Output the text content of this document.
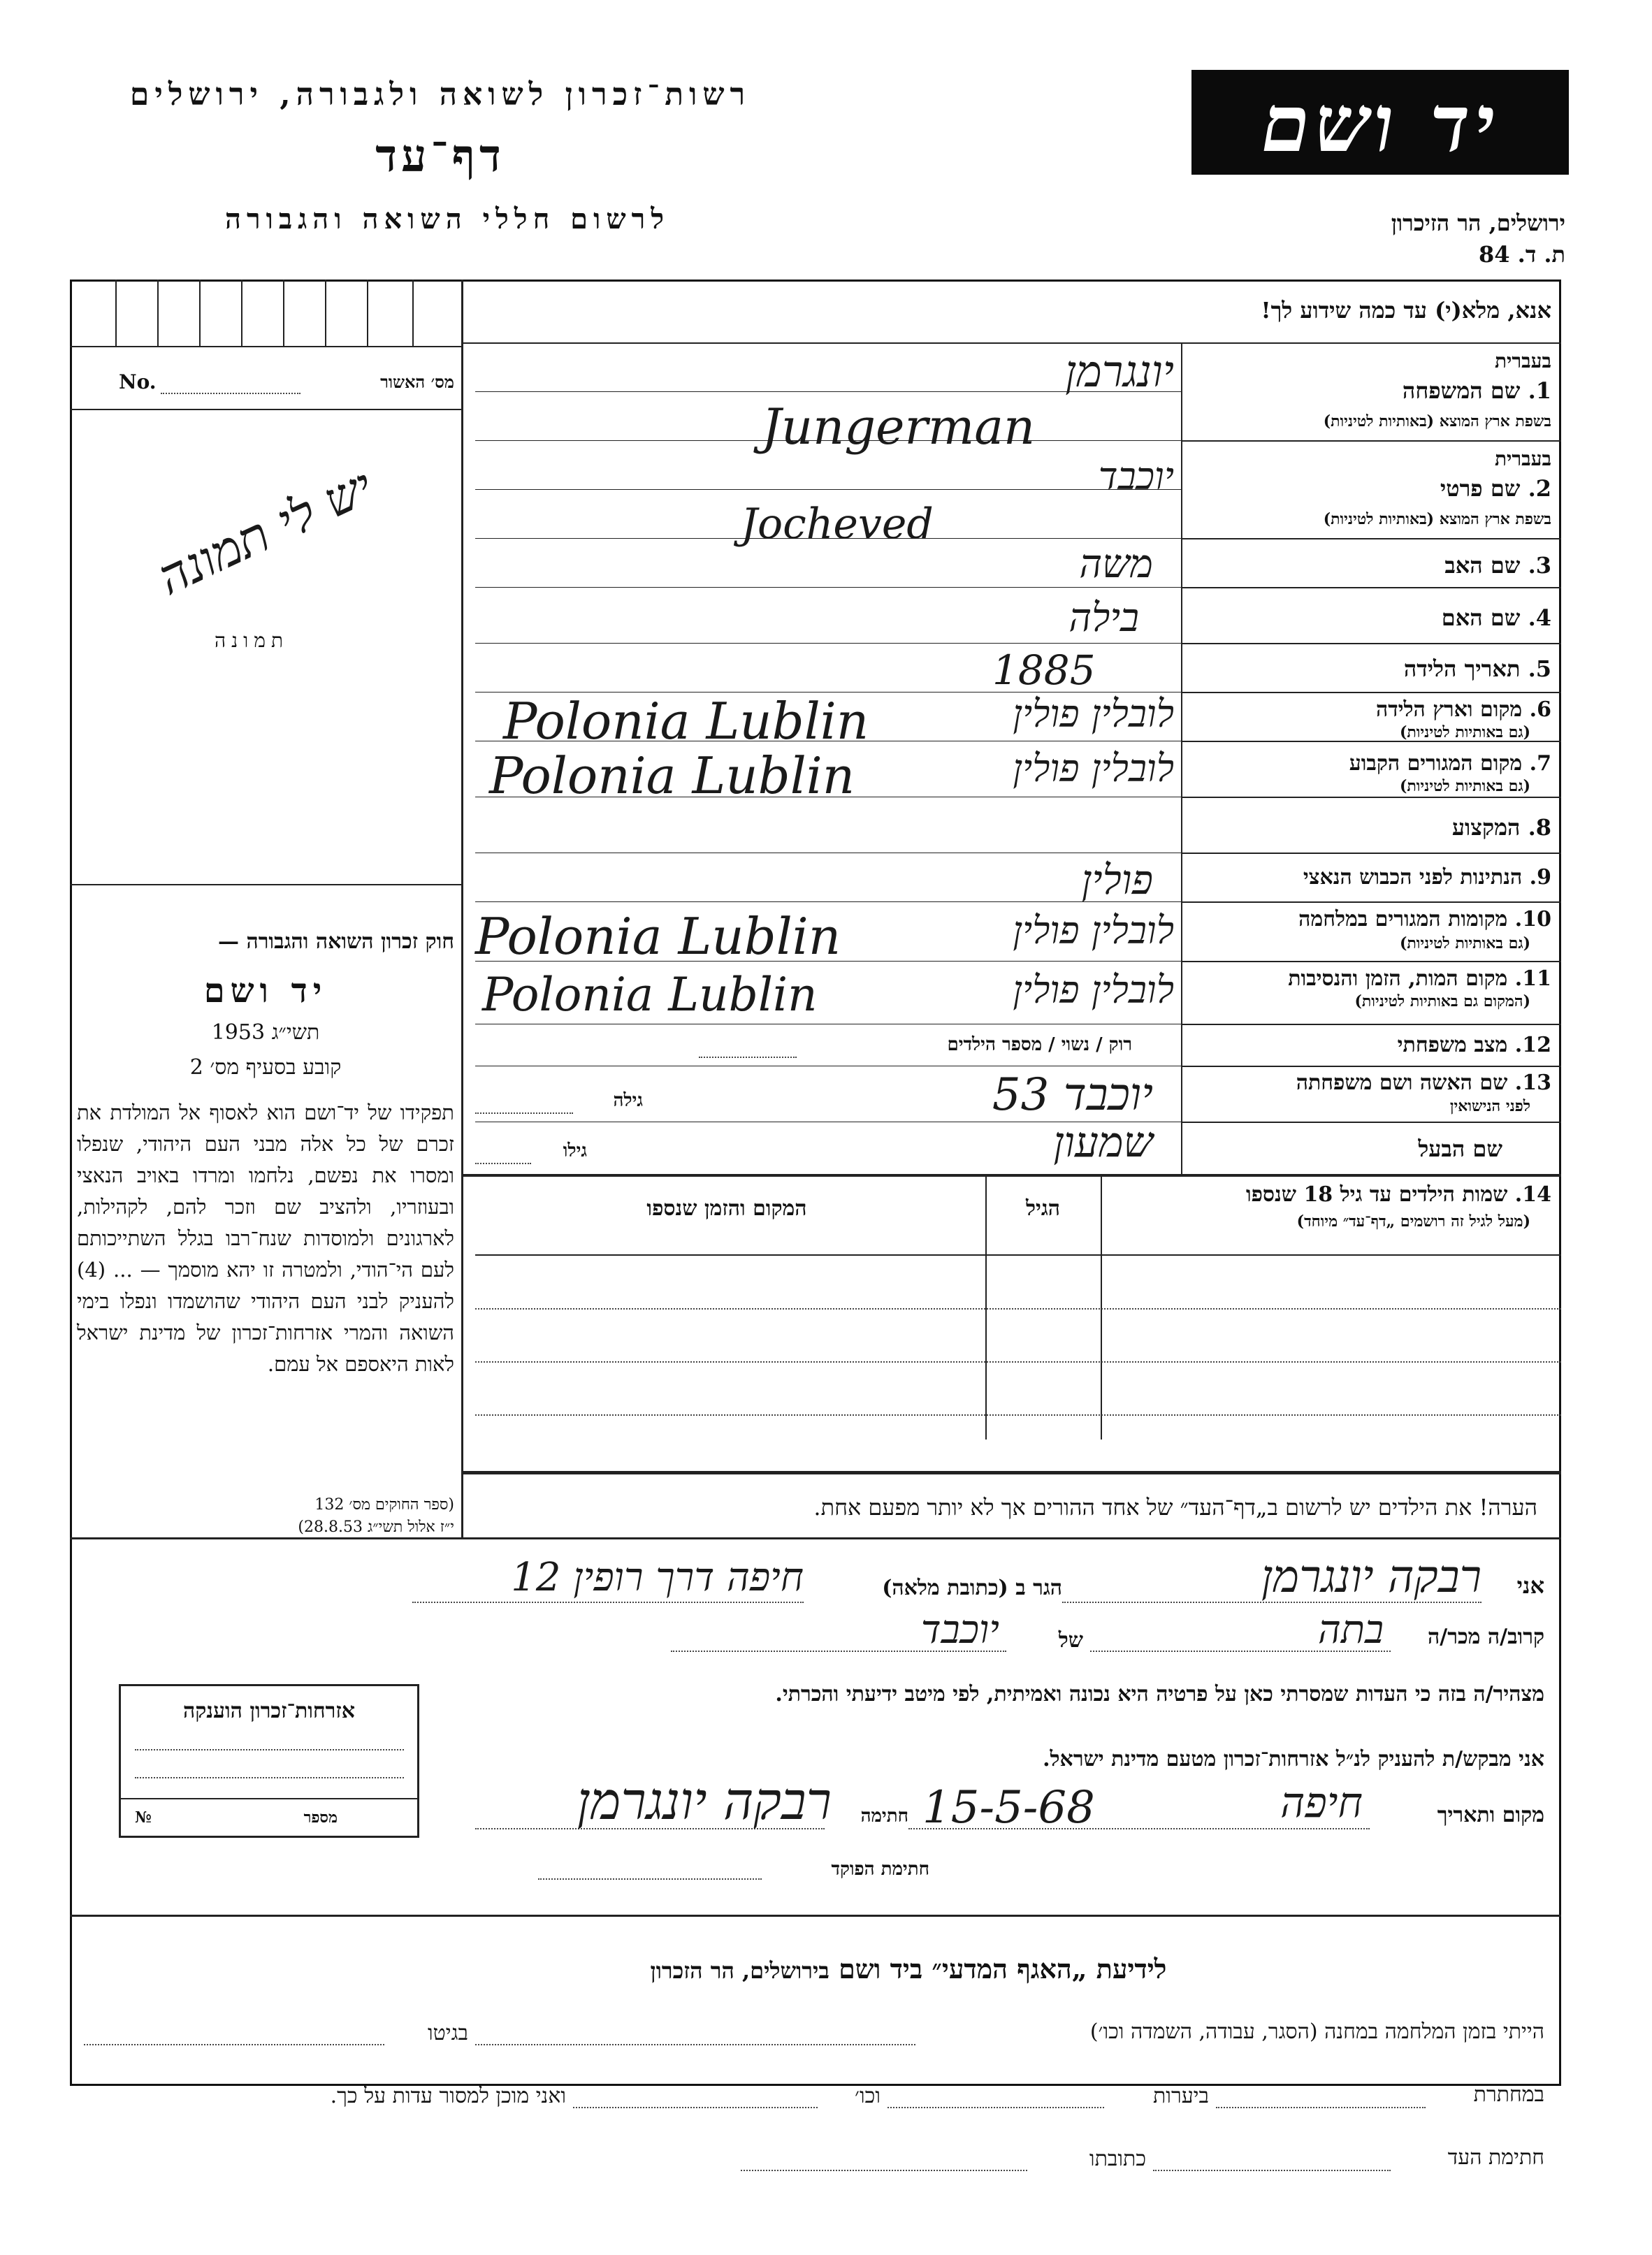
רשות־זכרון לשואה ולגבורה, ירושלים
דף־עד
לרשום חללי השואה והגבורה
יד ושם
ירושלים, הר הזיכרון
ת. ד. 84
No.	מס׳ האשור
תמונה
יש לי תמונה
חוק זכרון השואה והגבורה —
יד ושם
תשי״ג 1953
קובע בסעיף מס׳ 2
תפקידו של יד־ושם הוא לאסוף אל המולדת את זכרם של כל אלה מבני העם היהודי, שנפלו ומסרו את נפשם, נלחמו ומרדו באויב הנאצי ובעוזריו, ולהציב שם וזכר להם, לקהילות, לארגונים ולמוסדות שנח־רבו בגלל השתייכותם לעם הי־הודי, ולמטרה זו יהא מוסמך — ... (4) להעניק לבני העם היהודי שהושמדו ונפלו בימי השואה והמרי אזרחות־זכרון של מדינת ישראל לאות היאספם אל עמם.
(ספר החוקים מס׳ 132
י״ז אלול תשי״ג 28.8.53)
אנא, מלא(י) עד כמה שידוע לך!
בעברית
1. שם המשפחה
בשפת ארץ המוצא (באותיות לטיניות)
יונגרמן
Jungerman
בעברית
2. שם פרטי
בשפת ארץ המוצא (באותיות לטיניות)
יוכבד
Jocheved
3. שם האב
משה
4. שם האם
בילה
5. תאריך הלידה
1885
6. מקום וארץ הלידה
(גם באותיות לטיניות)
לובלין פולין
Polonia Lublin
7. מקום המגורים הקבוע
(גם באותיות לטיניות)
לובלין פולין
Polonia Lublin
8. המקצוע
9. הנתינות לפני הכבוש הנאצי
פולין
10. מקומות המגורים במלחמה
(גם באותיות לטיניות)
לובלין פולין
Polonia Lublin
11. מקום המות, הזמן והנסיבות
(המקום גם באותיות לטיניות)
לובלין פולין
Polonia Lublin
12. מצב משפחתי
רוק / נשוי / מספר הילדים
13. שם האשה ושם משפחתה
לפני הנישואין
גילה	יוכבד 53
שם הבעל
גילו	שמעון
14. שמות הילדים עד גיל 18 שנספו
(מעל לגיל זה רושמים „דף־עד״ מיוחד)
הגיל
המקום והזמן שנספו
הערה! את הילדים יש לרשום ב„דף־העד״ של אחד ההורים אך לא יותר מפעם אחת.
אני
רבקה יונגרמן
הגר ב (כתובת מלאה)
חיפה דרך רופין 12
קרוב/ה מכר/ה
בתה
של
יוכבד
מצהיר/ה בזה כי העדות שמסרתי כאן על פרטיה היא נכונה ואמיתית, לפי מיטב ידיעתי והכרתי.
אני מבקש/ת להעניק לנ״ל אזרחות־זכרון מטעם מדינת ישראל.
מקום ותאריך
חיפה
15-5-68
חתימה
רבקה יונגרמן
חתימת הפוקד
אזרחות־זכרון הוענקה
№	מספר
לידיעת „האגף המדעי״ ביד ושם בירושלים, הר הזכרון
הייתי בזמן המלחמה במחנה (הסגר, עבודה, השמדה וכו׳)
בגיטו
במחתרת
ביערות
וכו׳
ואני מוכן למסור עדות על כך.
חתימת העד
כתובתו
